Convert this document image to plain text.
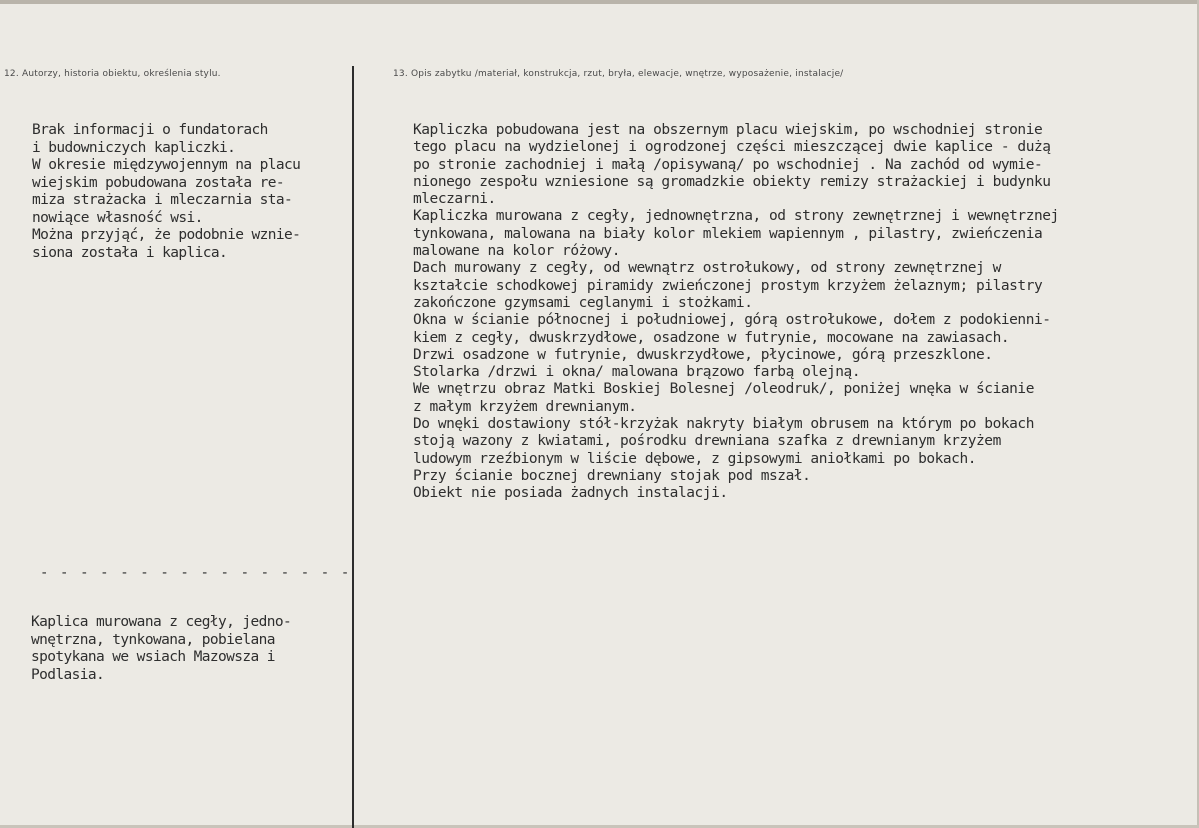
12. Autorzy, historia obiektu, określenia stylu.	13. Opis zabytku /materiał, konstrukcja, rzut, bryła, elewacje, wnętrze, wyposażenie, instalacje/
Brak informacji o fundatorach
i budowniczych kapliczki.
W okresie międzywojennym na placu
wiejskim pobudowana została re-
miza strażacka i mleczarnia sta-
nowiące własność wsi.
Można przyjąć, że podobnie wznie-
siona została i kaplica.
- - - - - - - - - - - - - - - -
Kaplica murowana z cegły, jedno-
wnętrzna, tynkowana, pobielana
spotykana we wsiach Mazowsza i
Podlasia.
Kapliczka pobudowana jest na obszernym placu wiejskim, po wschodniej stronie
tego placu na wydzielonej i ogrodzonej części mieszczącej dwie kaplice - dużą
po stronie zachodniej i małą /opisywaną/ po wschodniej . Na zachód od wymie-
nionego zespołu wzniesione są gromadzkie obiekty remizy strażackiej i budynku
mleczarni.
Kapliczka murowana z cegły, jednownętrzna, od strony zewnętrznej i wewnętrznej
tynkowana, malowana na biały kolor mlekiem wapiennym , pilastry, zwieńczenia
malowane na kolor różowy.
Dach murowany z cegły, od wewnątrz ostrołukowy, od strony zewnętrznej w
kształcie schodkowej piramidy zwieńczonej prostym krzyżem żelaznym; pilastry
zakończone gzymsami ceglanymi i stożkami.
Okna w ścianie północnej i południowej, górą ostrołukowe, dołem z podokienni-
kiem z cegły, dwuskrzydłowe, osadzone w futrynie, mocowane na zawiasach.
Drzwi osadzone w futrynie, dwuskrzydłowe, płycinowe, górą przeszklone.
Stolarka /drzwi i okna/ malowana brązowo farbą olejną.
We wnętrzu obraz Matki Boskiej Bolesnej /oleodruk/, poniżej wnęka w ścianie
z małym krzyżem drewnianym.
Do wnęki dostawiony stół-krzyżak nakryty białym obrusem na którym po bokach
stoją wazony z kwiatami, pośrodku drewniana szafka z drewnianym krzyżem
ludowym rzeźbionym w liście dębowe, z gipsowymi aniołkami po bokach.
Przy ścianie bocznej drewniany stojak pod mszał.
Obiekt nie posiada żadnych instalacji.
